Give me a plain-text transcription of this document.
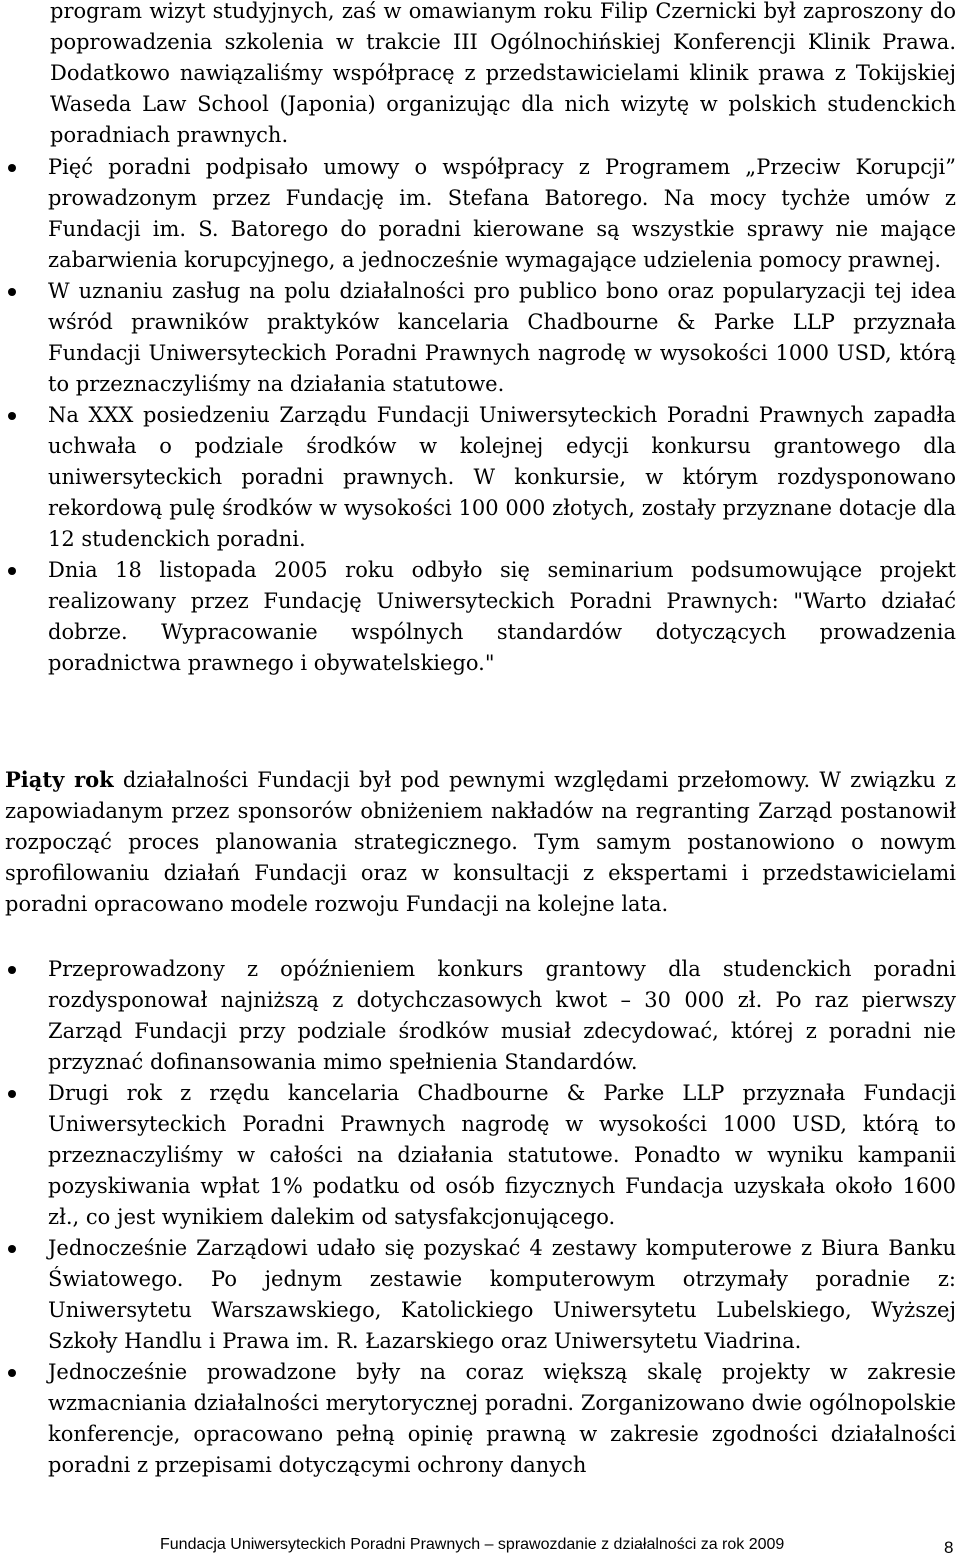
program wizyt studyjnych, zaś w omawianym roku Filip Czernicki był zaproszony do poprowadzenia szkolenia w trakcie III Ogólnochińskiej Konferencji Klinik Prawa. Dodatkowo nawiązaliśmy współpracę z przedstawicielami klinik prawa z Tokijskiej Waseda Law School (Japonia) organizując dla nich wizytę w polskich studenckich poradniach prawnych.

Pięć poradni podpisało umowy o współpracy z Programem „Przeciw Korupcji” prowadzonym przez Fundację im. Stefana Batorego. Na mocy tychże umów z Fundacji im. S. Batorego do poradni kierowane są wszystkie sprawy nie mające zabarwienia korupcyjnego, a jednocześnie wymagające udzielenia pomocy prawnej.
W uznaniu zasług na polu działalności pro publico bono oraz popularyzacji tej idea wśród prawników praktyków kancelaria Chadbourne & Parke LLP przyznała Fundacji Uniwersyteckich Poradni Prawnych nagrodę w wysokości 1000 USD, którą to przeznaczyliśmy na działania statutowe.
Na XXX posiedzeniu Zarządu Fundacji Uniwersyteckich Poradni Prawnych zapadła uchwała o podziale środków w kolejnej edycji konkursu grantowego dla uniwersyteckich poradni prawnych. W konkursie, w którym rozdysponowano rekordową pulę środków w wysokości 100 000 złotych, zostały przyznane dotacje dla 12 studenckich poradni.
Dnia 18 listopada 2005 roku odbyło się seminarium podsumowujące projekt realizowany przez Fundację Uniwersyteckich Poradni Prawnych: "Warto działać dobrze. Wypracowanie wspólnych standardów dotyczących prowadzenia poradnictwa prawnego i obywatelskiego."

Piąty rok działalności Fundacji był pod pewnymi względami przełomowy. W związku z zapowiadanym przez sponsorów obniżeniem nakładów na regranting Zarząd postanowił rozpocząć proces planowania strategicznego. Tym samym postanowiono o nowym sprofilowaniu działań Fundacji oraz w konsultacji z ekspertami i przedstawicielami poradni opracowano modele rozwoju Fundacji na kolejne lata.

Przeprowadzony z opóźnieniem konkurs grantowy dla studenckich poradni rozdysponował najniższą z dotychczasowych kwot – 30 000 zł. Po raz pierwszy Zarząd Fundacji przy podziale środków musiał zdecydować, której z poradni nie przyznać dofinansowania mimo spełnienia Standardów.
Drugi rok z rzędu kancelaria Chadbourne & Parke LLP przyznała Fundacji Uniwersyteckich Poradni Prawnych nagrodę w wysokości 1000 USD, którą to przeznaczyliśmy w całości na działania statutowe. Ponadto w wyniku kampanii pozyskiwania wpłat 1% podatku od osób fizycznych Fundacja uzyskała około 1600 zł., co jest wynikiem dalekim od satysfakcjonującego.
Jednocześnie Zarządowi udało się pozyskać 4 zestawy komputerowe z Biura Banku Światowego. Po jednym zestawie komputerowym otrzymały poradnie z: Uniwersytetu Warszawskiego, Katolickiego Uniwersytetu Lubelskiego, Wyższej Szkoły Handlu i Prawa im. R. Łazarskiego oraz Uniwersytetu Viadrina.
Jednocześnie prowadzone były na coraz większą skalę projekty w zakresie wzmacniania działalności merytorycznej poradni. Zorganizowano dwie ogólnopolskie konferencje, opracowano pełną opinię prawną w zakresie zgodności działalności poradni z przepisami dotyczącymi ochrony danych
Fundacja Uniwersyteckich Poradni Prawnych – sprawozdanie z działalności za rok 2009	8
